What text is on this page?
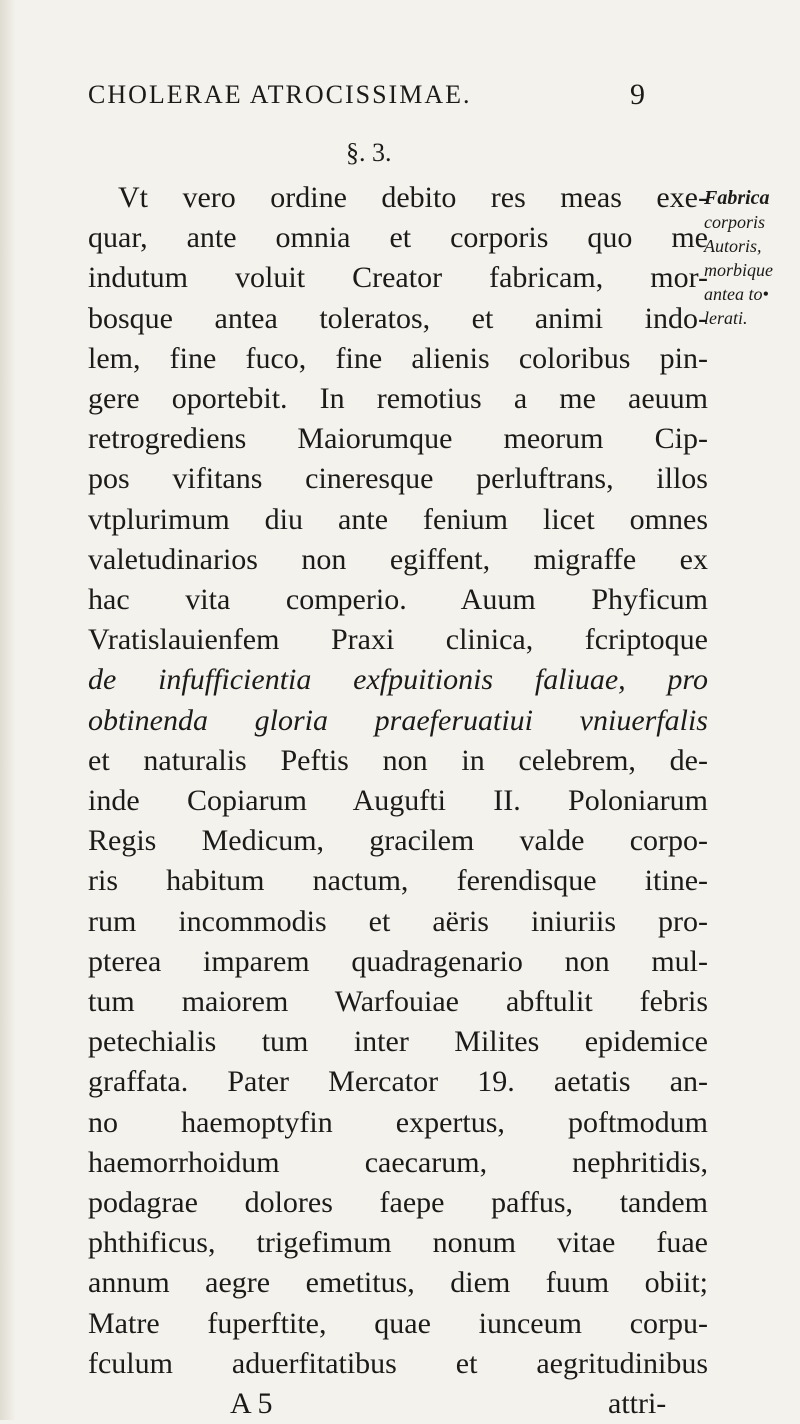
CHOLERAE ATROCISSIMAE.	9
§. 3.
Fabrica
corporis
Autoris,
morbique
antea to•
lerati.
Vt vero ordine debito res meas exe-
quar, ante omnia et corporis quo me
indutum voluit Creator fabricam, mor-
bosque antea toleratos, et animi indo-
lem, fine fuco, fine alienis coloribus pin-
gere oportebit. In remotius a me aeuum
retrogrediens Maiorumque meorum Cip-
pos vifitans cineresque perluftrans, illos
vtplurimum diu ante fenium licet omnes
valetudinarios non egiffent, migraffe ex
hac vita comperio. Auum Phyficum
Vratislauienfem Praxi clinica, fcriptoque
de infufficientia exfpuitionis faliuae, pro
obtinenda gloria praeferuatiui vniuerfalis
et naturalis Peftis non in celebrem, de-
inde Copiarum Augufti II. Poloniarum
Regis Medicum, gracilem valde corpo-
ris habitum nactum, ferendisque itine-
rum incommodis et aëris iniuriis pro-
pterea imparem quadragenario non mul-
tum maiorem Warfouiae abftulit febris
petechialis tum inter Milites epidemice
graffata. Pater Mercator 19. aetatis an-
no haemoptyfin expertus, poftmodum
haemorrhoidum caecarum, nephritidis,
podagrae dolores faepe paffus, tandem
phthificus, trigefimum nonum vitae fuae
annum aegre emetitus, diem fuum obiit;
Matre fuperftite, quae iunceum corpu-
fculum aduerfitatibus et aegritudinibus
A 5	attri-
